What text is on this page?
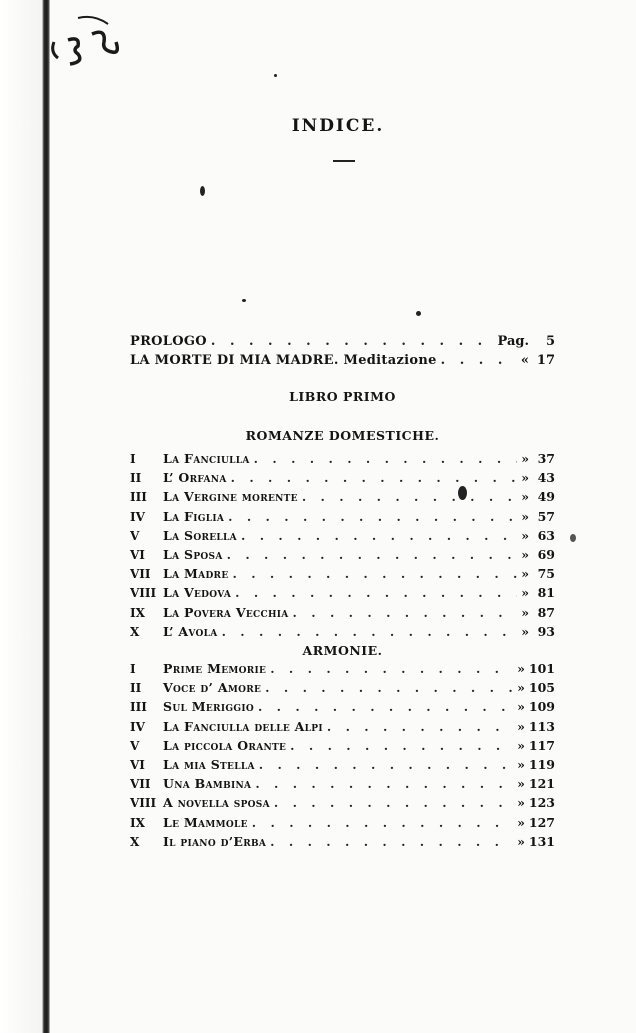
INDICE.
PROLOGO . . .	Pag.	5
LA MORTE DI MIA MADRE. Meditazione . . .	« 17
LIBRO PRIMO
ROMANZE DOMESTICHE.
I	La Fanciulla . . .	» 37
II	L’ Orfana . . .	» 43
III	La Vergine morente . . .	» 49
IV	La Figlia . . .	» 57
V	La Sorella . . .	» 63
VI	La Sposa . . .	» 69
VII La Madre . . .	» 75
VIII La Vedova . . .	» 81
IX	La Povera Vecchia . . .	» 87
X	L’ Avola . . .	» 93
ARMONIE.
I	Prime Memorie . . .	» 101
II	Voce d’ Amore . . .	» 105
III	Sul Meriggio . . .	» 109
IV	La Fanciulla delle Alpi . . .	» 113
V	La piccola Orante . . .	» 117
VI	La mia Stella . . .	» 119
VII Una Bambina . . .	» 121
VIII A novella sposa . . .	» 123
IX	Le Mammole . . .	» 127
X	Il piano d’Erba . . .	» 131
